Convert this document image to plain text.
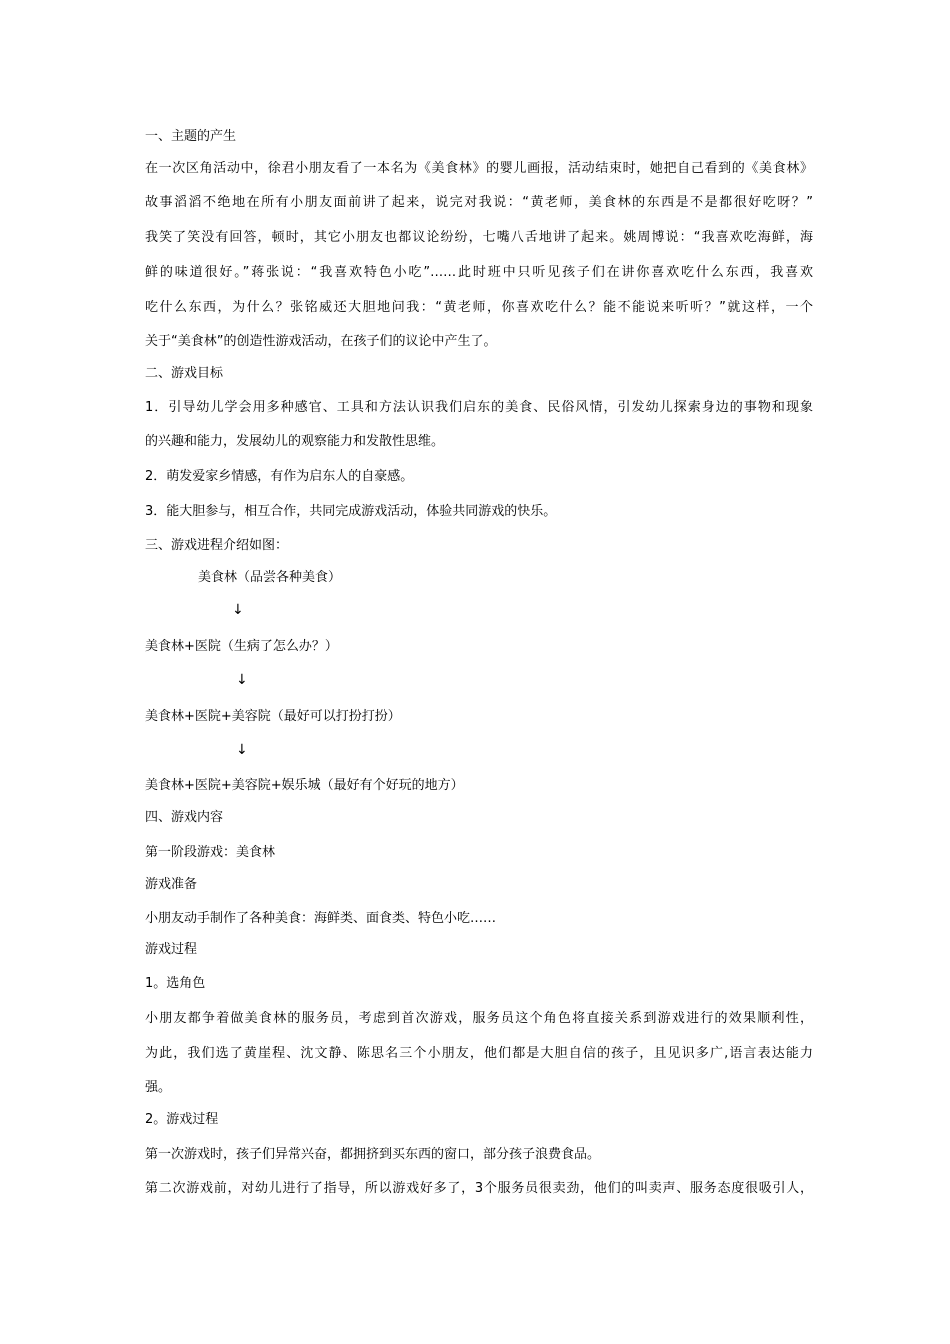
一、主题的产生
在一次区角活动中，徐君小朋友看了一本名为《美食林》的婴儿画报，活动结束时，她把自己看到的《美食林》
故事滔滔不绝地在所有小朋友面前讲了起来，说完对我说：“黄老师，美食林的东西是不是都很好吃呀？”
我笑了笑没有回答，顿时，其它小朋友也都议论纷纷，七嘴八舌地讲了起来。姚周博说：“我喜欢吃海鲜，海
鲜的味道很好。”蒋张说：“我喜欢特色小吃”……此时班中只听见孩子们在讲你喜欢吃什么东西，我喜欢
吃什么东西，为什么？张铭威还大胆地问我：“黄老师，你喜欢吃什么？能不能说来听听？”就这样，一个
关于“美食林”的创造性游戏活动，在孩子们的议论中产生了。
二、游戏目标
1．引导幼儿学会用多种感官、工具和方法认识我们启东的美食、民俗风情，引发幼儿探索身边的事物和现象
的兴趣和能力，发展幼儿的观察能力和发散性思维。
2．萌发爱家乡情感，有作为启东人的自豪感。
3．能大胆参与，相互合作，共同完成游戏活动，体验共同游戏的快乐。
三、游戏进程介绍如图：
美食林（品尝各种美食）
↓
美食林+医院（生病了怎么办？）
↓
美食林+医院+美容院（最好可以打扮打扮）
↓
美食林+医院+美容院+娱乐城（最好有个好玩的地方）
四、游戏内容
第一阶段游戏：美食林
游戏准备
小朋友动手制作了各种美食：海鲜类、面食类、特色小吃……
游戏过程
1。选角色
小朋友都争着做美食林的服务员，考虑到首次游戏，服务员这个角色将直接关系到游戏进行的效果顺利性，
为此，我们选了黄崖程、沈文静、陈思名三个小朋友，他们都是大胆自信的孩子，且见识多广,语言表达能力
强。
2。游戏过程
第一次游戏时，孩子们异常兴奋，都拥挤到买东西的窗口，部分孩子浪费食品。
第二次游戏前，对幼儿进行了指导，所以游戏好多了，3个服务员很卖劲，他们的叫卖声、服务态度很吸引人，
